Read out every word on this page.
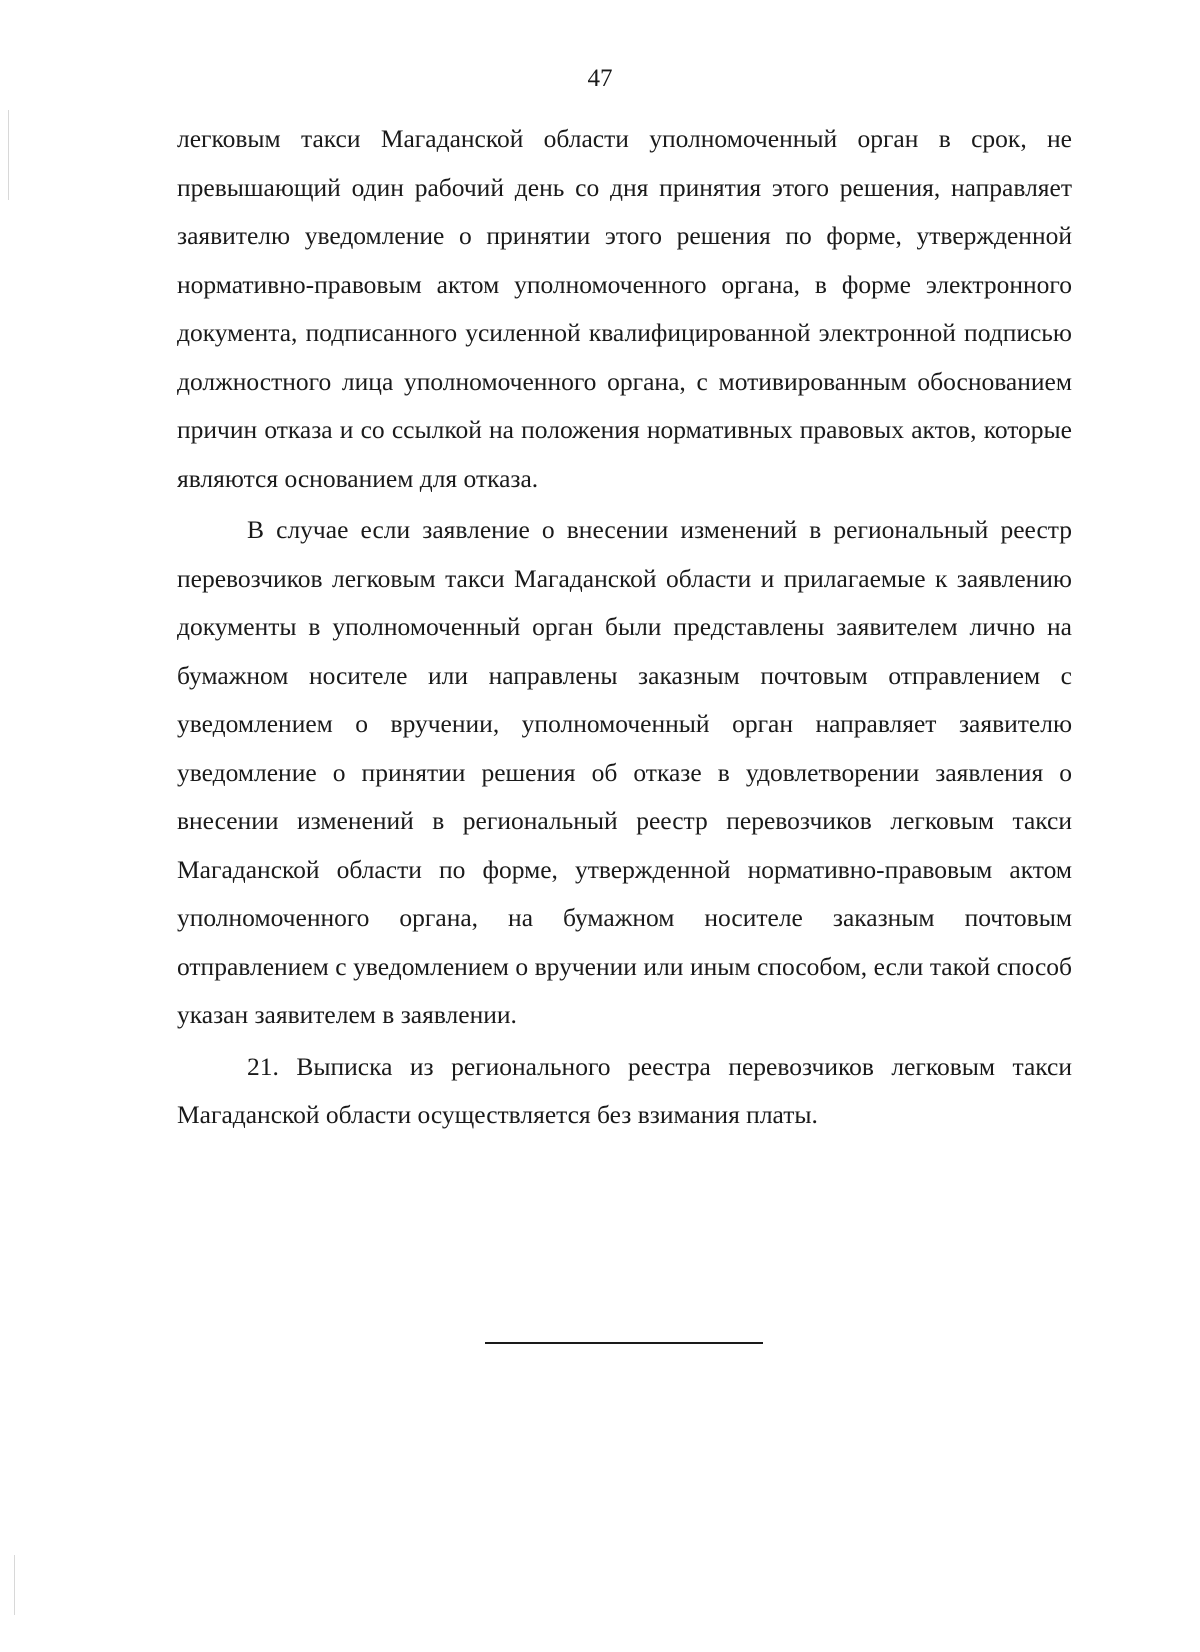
47

легковым такси Магаданской области уполномоченный орган в срок, не превышающий один рабочий день со дня принятия этого решения, направляет заявителю уведомление о принятии этого решения по форме, утвержденной нормативно-правовым актом уполномоченного органа, в форме электронного документа, подписанного усиленной квалифицированной электронной подписью должностного лица уполномоченного органа, с мотивированным обоснованием причин отказа и со ссылкой на положения нормативных правовых актов, которые являются основанием для отказа.

В случае если заявление о внесении изменений в региональный реестр перевозчиков легковым такси Магаданской области и прилагаемые к заявлению документы в уполномоченный орган были представлены заявителем лично на бумажном носителе или направлены заказным почтовым отправлением с уведомлением о вручении, уполномоченный орган направляет заявителю уведомление о принятии решения об отказе в удовлетворении заявления о внесении изменений в региональный реестр перевозчиков легковым такси Магаданской области по форме, утвержденной нормативно-правовым актом уполномоченного органа, на бумажном носителе заказным почтовым отправлением с уведомлением о вручении или иным способом, если такой способ указан заявителем в заявлении.

21. Выписка из регионального реестра перевозчиков легковым такси Магаданской области осуществляется без взимания платы.
